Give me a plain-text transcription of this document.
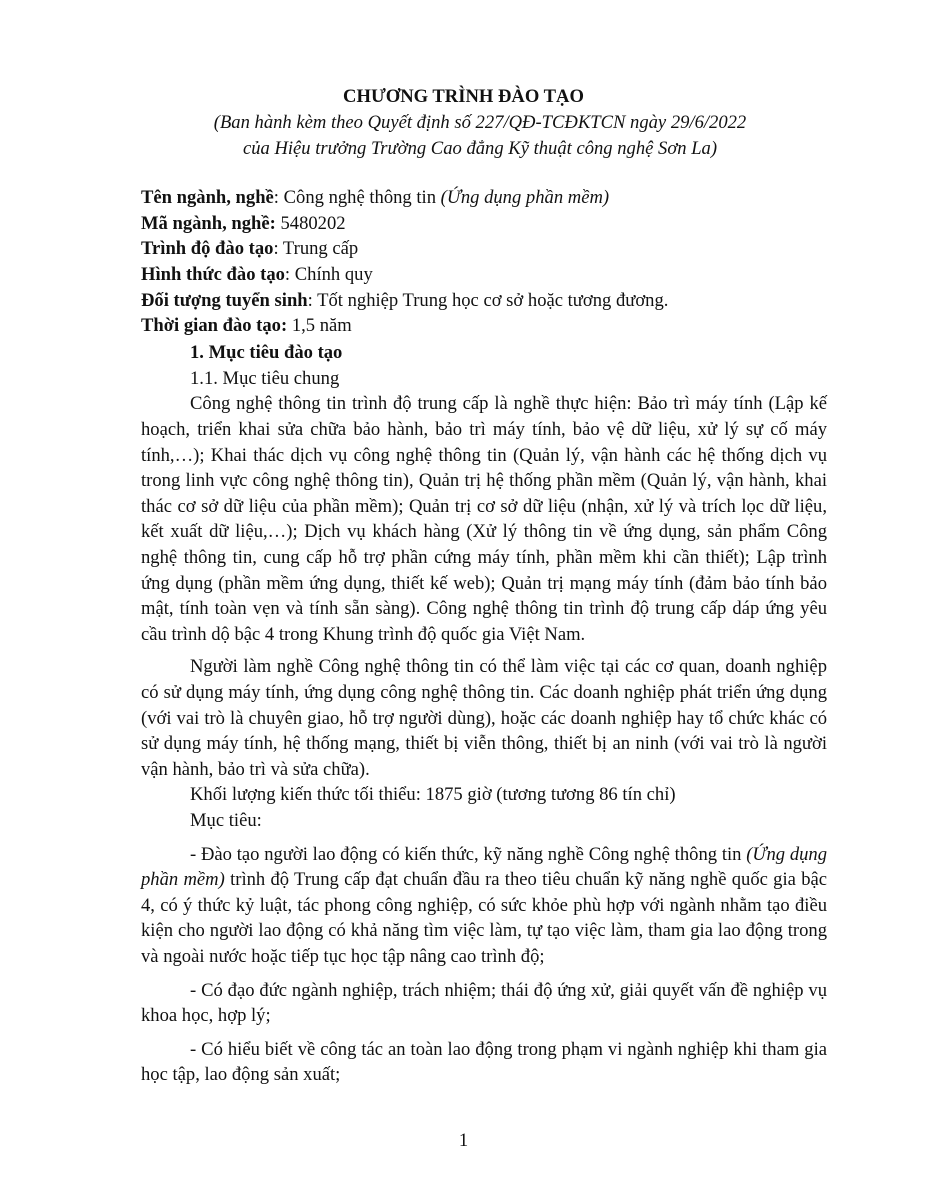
CHƯƠNG TRÌNH ĐÀO TẠO
(Ban hành kèm theo Quyết định số 227/QĐ-TCĐKTCN ngày 29/6/2022
của Hiệu trưởng Trường Cao đẳng Kỹ thuật công nghệ Sơn La)
Tên ngành, nghề: Công nghệ thông tin (Ứng dụng phần mềm)
Mã ngành, nghề: 5480202
Trình độ đào tạo: Trung cấp
Hình thức đào tạo: Chính quy
Đối tượng tuyển sinh: Tốt nghiệp Trung học cơ sở hoặc tương đương.
Thời gian đào tạo: 1,5 năm
1. Mục tiêu đào tạo
1.1. Mục tiêu chung

Công nghệ thông tin trình độ trung cấp là nghề thực hiện: Bảo trì máy tính (Lập kế hoạch, triển khai sửa chữa bảo hành, bảo trì máy tính, bảo vệ dữ liệu, xử lý sự cố máy tính,…); Khai thác dịch vụ công nghệ thông tin (Quản lý, vận hành các hệ thống dịch vụ trong linh vực công nghệ thông tin), Quản trị hệ thống phần mềm (Quản lý, vận hành, khai thác cơ sở dữ liệu của phần mềm); Quản trị cơ sở dữ liệu (nhận, xử lý và trích lọc dữ liệu, kết xuất dữ liệu,…); Dịch vụ khách hàng (Xử lý thông tin về ứng dụng, sản phẩm Công nghệ thông tin, cung cấp hỗ trợ phần cứng máy tính, phần mềm khi cần thiết); Lập trình ứng dụng (phần mềm ứng dụng, thiết kế web); Quản trị mạng máy tính (đảm bảo tính bảo mật, tính toàn vẹn và tính sẵn sàng). Công nghệ thông tin trình độ trung cấp dáp ứng yêu cầu trình dộ bậc 4 trong Khung trình độ quốc gia Việt Nam.

Người làm nghề Công nghệ thông tin có thể làm việc tại các cơ quan, doanh nghiệp có sử dụng máy tính, ứng dụng công nghệ thông tin. Các doanh nghiệp phát triển ứng dụng (với vai trò là chuyên giao, hỗ trợ người dùng), hoặc các doanh nghiệp hay tổ chức khác có sử dụng máy tính, hệ thống mạng, thiết bị viễn thông, thiết bị an ninh (với vai trò là người vận hành, bảo trì và sửa chữa).

Khối lượng kiến thức tối thiểu: 1875 giờ (tương tương 86 tín chỉ)
Mục tiêu:

- Đào tạo người lao động có kiến thức, kỹ năng nghề Công nghệ thông tin (Ứng dụng phần mềm) trình độ Trung cấp đạt chuẩn đầu ra theo tiêu chuẩn kỹ năng nghề quốc gia bậc 4, có ý thức kỷ luật, tác phong công nghiệp, có sức khỏe phù hợp với ngành nhằm tạo điều kiện cho người lao động có khả năng tìm việc làm, tự tạo việc làm, tham gia lao động trong và ngoài nước hoặc tiếp tục học tập nâng cao trình độ;

- Có đạo đức ngành nghiệp, trách nhiệm; thái độ ứng xử, giải quyết vấn đề nghiệp vụ khoa học, hợp lý;

- Có hiểu biết về công tác an toàn lao động trong phạm vi ngành nghiệp khi tham gia học tập, lao động sản xuất;

1
